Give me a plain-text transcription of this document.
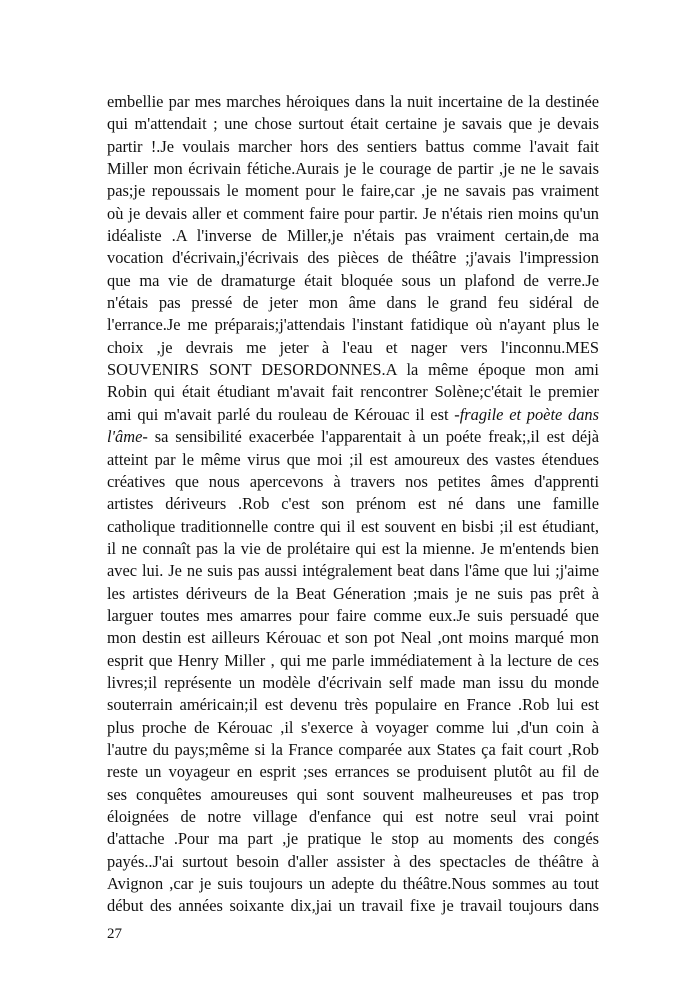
embellie par mes marches héroiques dans la nuit incertaine de la destinée
qui m'attendait ; une chose surtout était certaine je savais que je devais
partir !.Je voulais marcher hors des sentiers battus comme l'avait fait
Miller mon écrivain fétiche.Aurais je le courage de partir ,je ne le savais
pas;je repoussais le moment pour le faire,car ,je ne savais pas vraiment
où je devais aller et comment faire pour partir. Je n'étais rien moins qu'un
idéaliste .A l'inverse de Miller,je n'étais pas vraiment certain,de ma
vocation d'écrivain,j'écrivais des pièces de théâtre ;j'avais l'impression
que ma vie de dramaturge était bloquée sous un plafond de verre.Je
n'étais pas pressé de jeter mon âme dans le grand feu sidéral de
l'errance.Je me préparais;j'attendais l'instant fatidique où n'ayant plus le
choix ,je devrais me jeter à l'eau et nager vers l'inconnu.MES
SOUVENIRS SONT DESORDONNES.A la même époque mon ami
Robin qui était étudiant m'avait fait rencontrer Solène;c'était le premier
ami qui m'avait parlé du rouleau de Kérouac il est -fragile et poète dans
l'âme- sa sensibilité exacerbée l'apparentait à un poéte freak;,il est déjà
atteint par le même virus que moi ;il est amoureux des vastes étendues
créatives que nous apercevons à travers nos petites âmes d'apprenti
artistes dériveurs .Rob c'est son prénom est né dans une famille
catholique traditionnelle contre qui il est souvent en bisbi ;il est étudiant,
il ne connaît pas la vie de prolétaire qui est la mienne. Je m'entends bien
avec lui. Je ne suis pas aussi intégralement beat dans l'âme que lui ;j'aime
les artistes dériveurs de la Beat Géneration ;mais je ne suis pas prêt à
larguer toutes mes amarres pour faire comme eux.Je suis persuadé que
mon destin est ailleurs Kérouac et son pot Neal ,ont moins marqué mon
esprit que Henry Miller , qui me parle immédiatement à la lecture de ces
livres;il représente un modèle d'écrivain self made man issu du monde
souterrain américain;il est devenu très populaire en France .Rob lui est
plus proche de Kérouac ,il s'exerce à voyager comme lui ,d'un coin à
l'autre du pays;même si la France comparée aux States ça fait court ,Rob
reste un voyageur en esprit ;ses errances se produisent plutôt au fil de
ses conquêtes amoureuses qui sont souvent malheureuses et pas trop
éloignées de notre village d'enfance qui est notre seul vrai point
d'attache .Pour ma part ,je pratique le stop au moments des congés
payés..J'ai surtout besoin d'aller assister à des spectacles de théâtre à
Avignon ,car je suis toujours un adepte du théâtre.Nous sommes au tout
début des années soixante dix,jai un travail fixe je travail toujours dans
27
